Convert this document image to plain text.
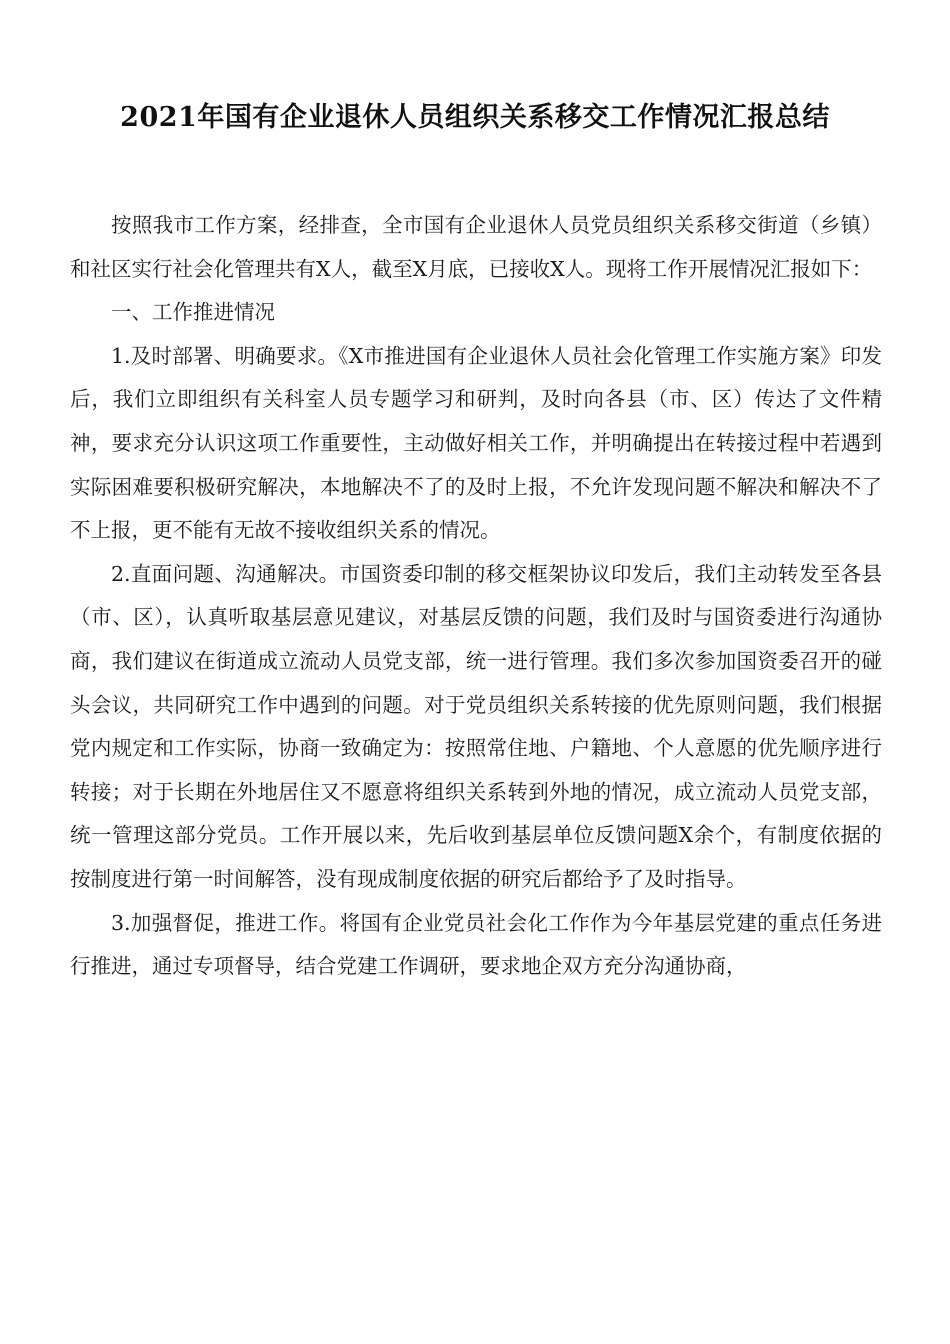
2021年国有企业退休人员组织关系移交工作情况汇报总结

按照我市工作方案，经排查，全市国有企业退休人员党员组织关系移交街道（乡镇）和社区实行社会化管理共有X人，截至X月底，已接收X人。现将工作开展情况汇报如下：

一、工作推进情况

1.及时部署、明确要求。《X市推进国有企业退休人员社会化管理工作实施方案》印发后，我们立即组织有关科室人员专题学习和研判，及时向各县（市、区）传达了文件精神，要求充分认识这项工作重要性，主动做好相关工作，并明确提出在转接过程中若遇到实际困难要积极研究解决，本地解决不了的及时上报，不允许发现问题不解决和解决不了不上报，更不能有无故不接收组织关系的情况。

2.直面问题、沟通解决。市国资委印制的移交框架协议印发后，我们主动转发至各县（市、区），认真听取基层意见建议，对基层反馈的问题，我们及时与国资委进行沟通协商，我们建议在街道成立流动人员党支部，统一进行管理。我们多次参加国资委召开的碰头会议，共同研究工作中遇到的问题。对于党员组织关系转接的优先原则问题，我们根据党内规定和工作实际，协商一致确定为：按照常住地、户籍地、个人意愿的优先顺序进行转接；对于长期在外地居住又不愿意将组织关系转到外地的情况，成立流动人员党支部，统一管理这部分党员。工作开展以来，先后收到基层单位反馈问题X余个，有制度依据的按制度进行第一时间解答，没有现成制度依据的研究后都给予了及时指导。

3.加强督促，推进工作。将国有企业党员社会化工作作为今年基层党建的重点任务进行推进，通过专项督导，结合党建工作调研，要求地企双方充分沟通协商，
